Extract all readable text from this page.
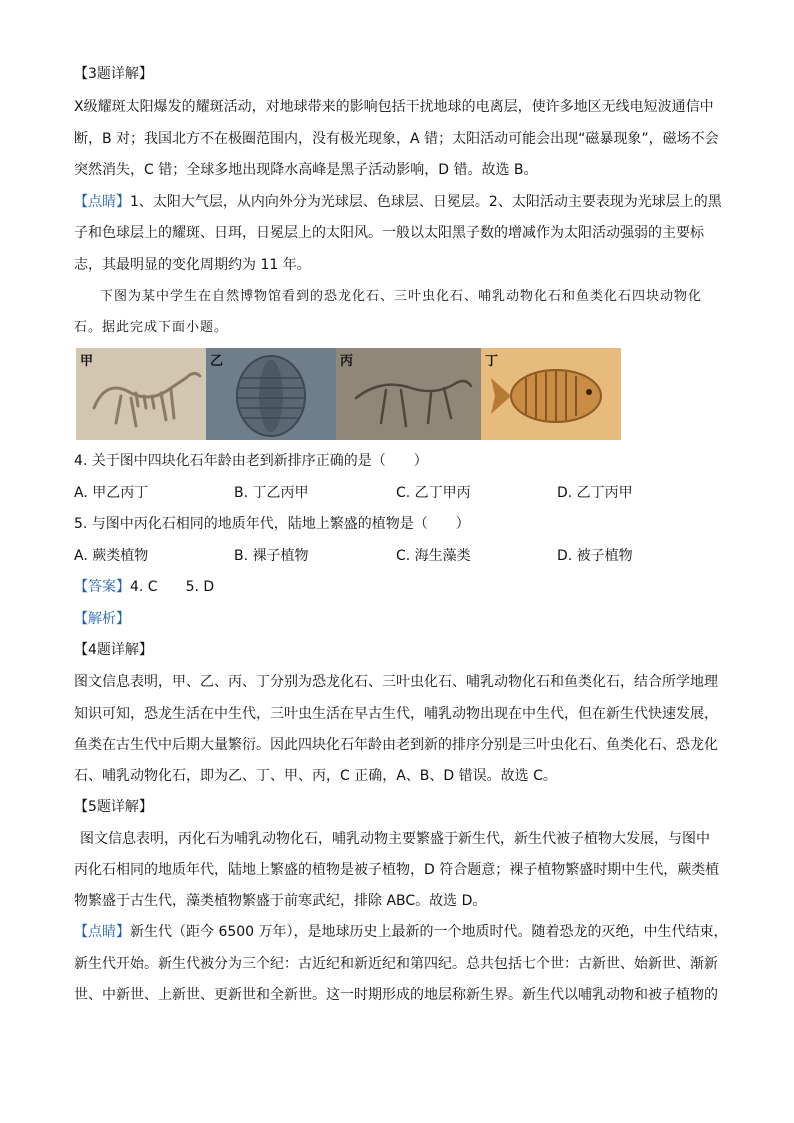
【3题详解】
X级耀斑太阳爆发的耀斑活动，对地球带来的影响包括干扰地球的电离层，使许多地区无线电短波通信中
断，B 对；我国北方不在极圈范围内，没有极光现象，A 错；太阳活动可能会出现“磁暴现象”，磁场不会
突然消失，C 错；全球多地出现降水高峰是黑子活动影响，D 错。故选 B。
【点睛】1、太阳大气层，从内向外分为光球层、色球层、日冕层。2、太阳活动主要表现为光球层上的黑
子和色球层上的耀斑、日珥，日冕层上的太阳风。一般以太阳黑子数的增减作为太阳活动强弱的主要标
志，其最明显的变化周期约为 11 年。
下图为某中学生在自然博物馆看到的恐龙化石、三叶虫化石、哺乳动物化石和鱼类化石四块动物化
石。据此完成下面小题。
甲	乙	丙	丁
4. 关于图中四块化石年龄由老到新排序正确的是（　　）
A. 甲乙丙丁	B. 丁乙丙甲	C. 乙丁甲丙	D. 乙丁丙甲
5. 与图中丙化石相同的地质年代，陆地上繁盛的植物是（　　）
A. 蕨类植物	B. 裸子植物	C. 海生藻类	D. 被子植物
【答案】4. C　　5. D
【解析】
【4题详解】
图文信息表明，甲、乙、丙、丁分别为恐龙化石、三叶虫化石、哺乳动物化石和鱼类化石，结合所学地理
知识可知，恐龙生活在中生代，三叶虫生活在早古生代，哺乳动物出现在中生代，但在新生代快速发展，
鱼类在古生代中后期大量繁衍。因此四块化石年龄由老到新的排序分别是三叶虫化石、鱼类化石、恐龙化
石、哺乳动物化石，即为乙、丁、甲、丙，C 正确，A、B、D 错误。故选 C。
【5题详解】
图文信息表明，丙化石为哺乳动物化石，哺乳动物主要繁盛于新生代，新生代被子植物大发展，与图中
丙化石相同的地质年代，陆地上繁盛的植物是被子植物，D 符合题意；裸子植物繁盛时期中生代，蕨类植
物繁盛于古生代，藻类植物繁盛于前寒武纪，排除 ABC。故选 D。
【点睛】新生代（距今 6500 万年），是地球历史上最新的一个地质时代。随着恐龙的灭绝，中生代结束，
新生代开始。新生代被分为三个纪：古近纪和新近纪和第四纪。总共包括七个世：古新世、始新世、渐新
世、中新世、上新世、更新世和全新世。这一时期形成的地层称新生界。新生代以哺乳动物和被子植物的
